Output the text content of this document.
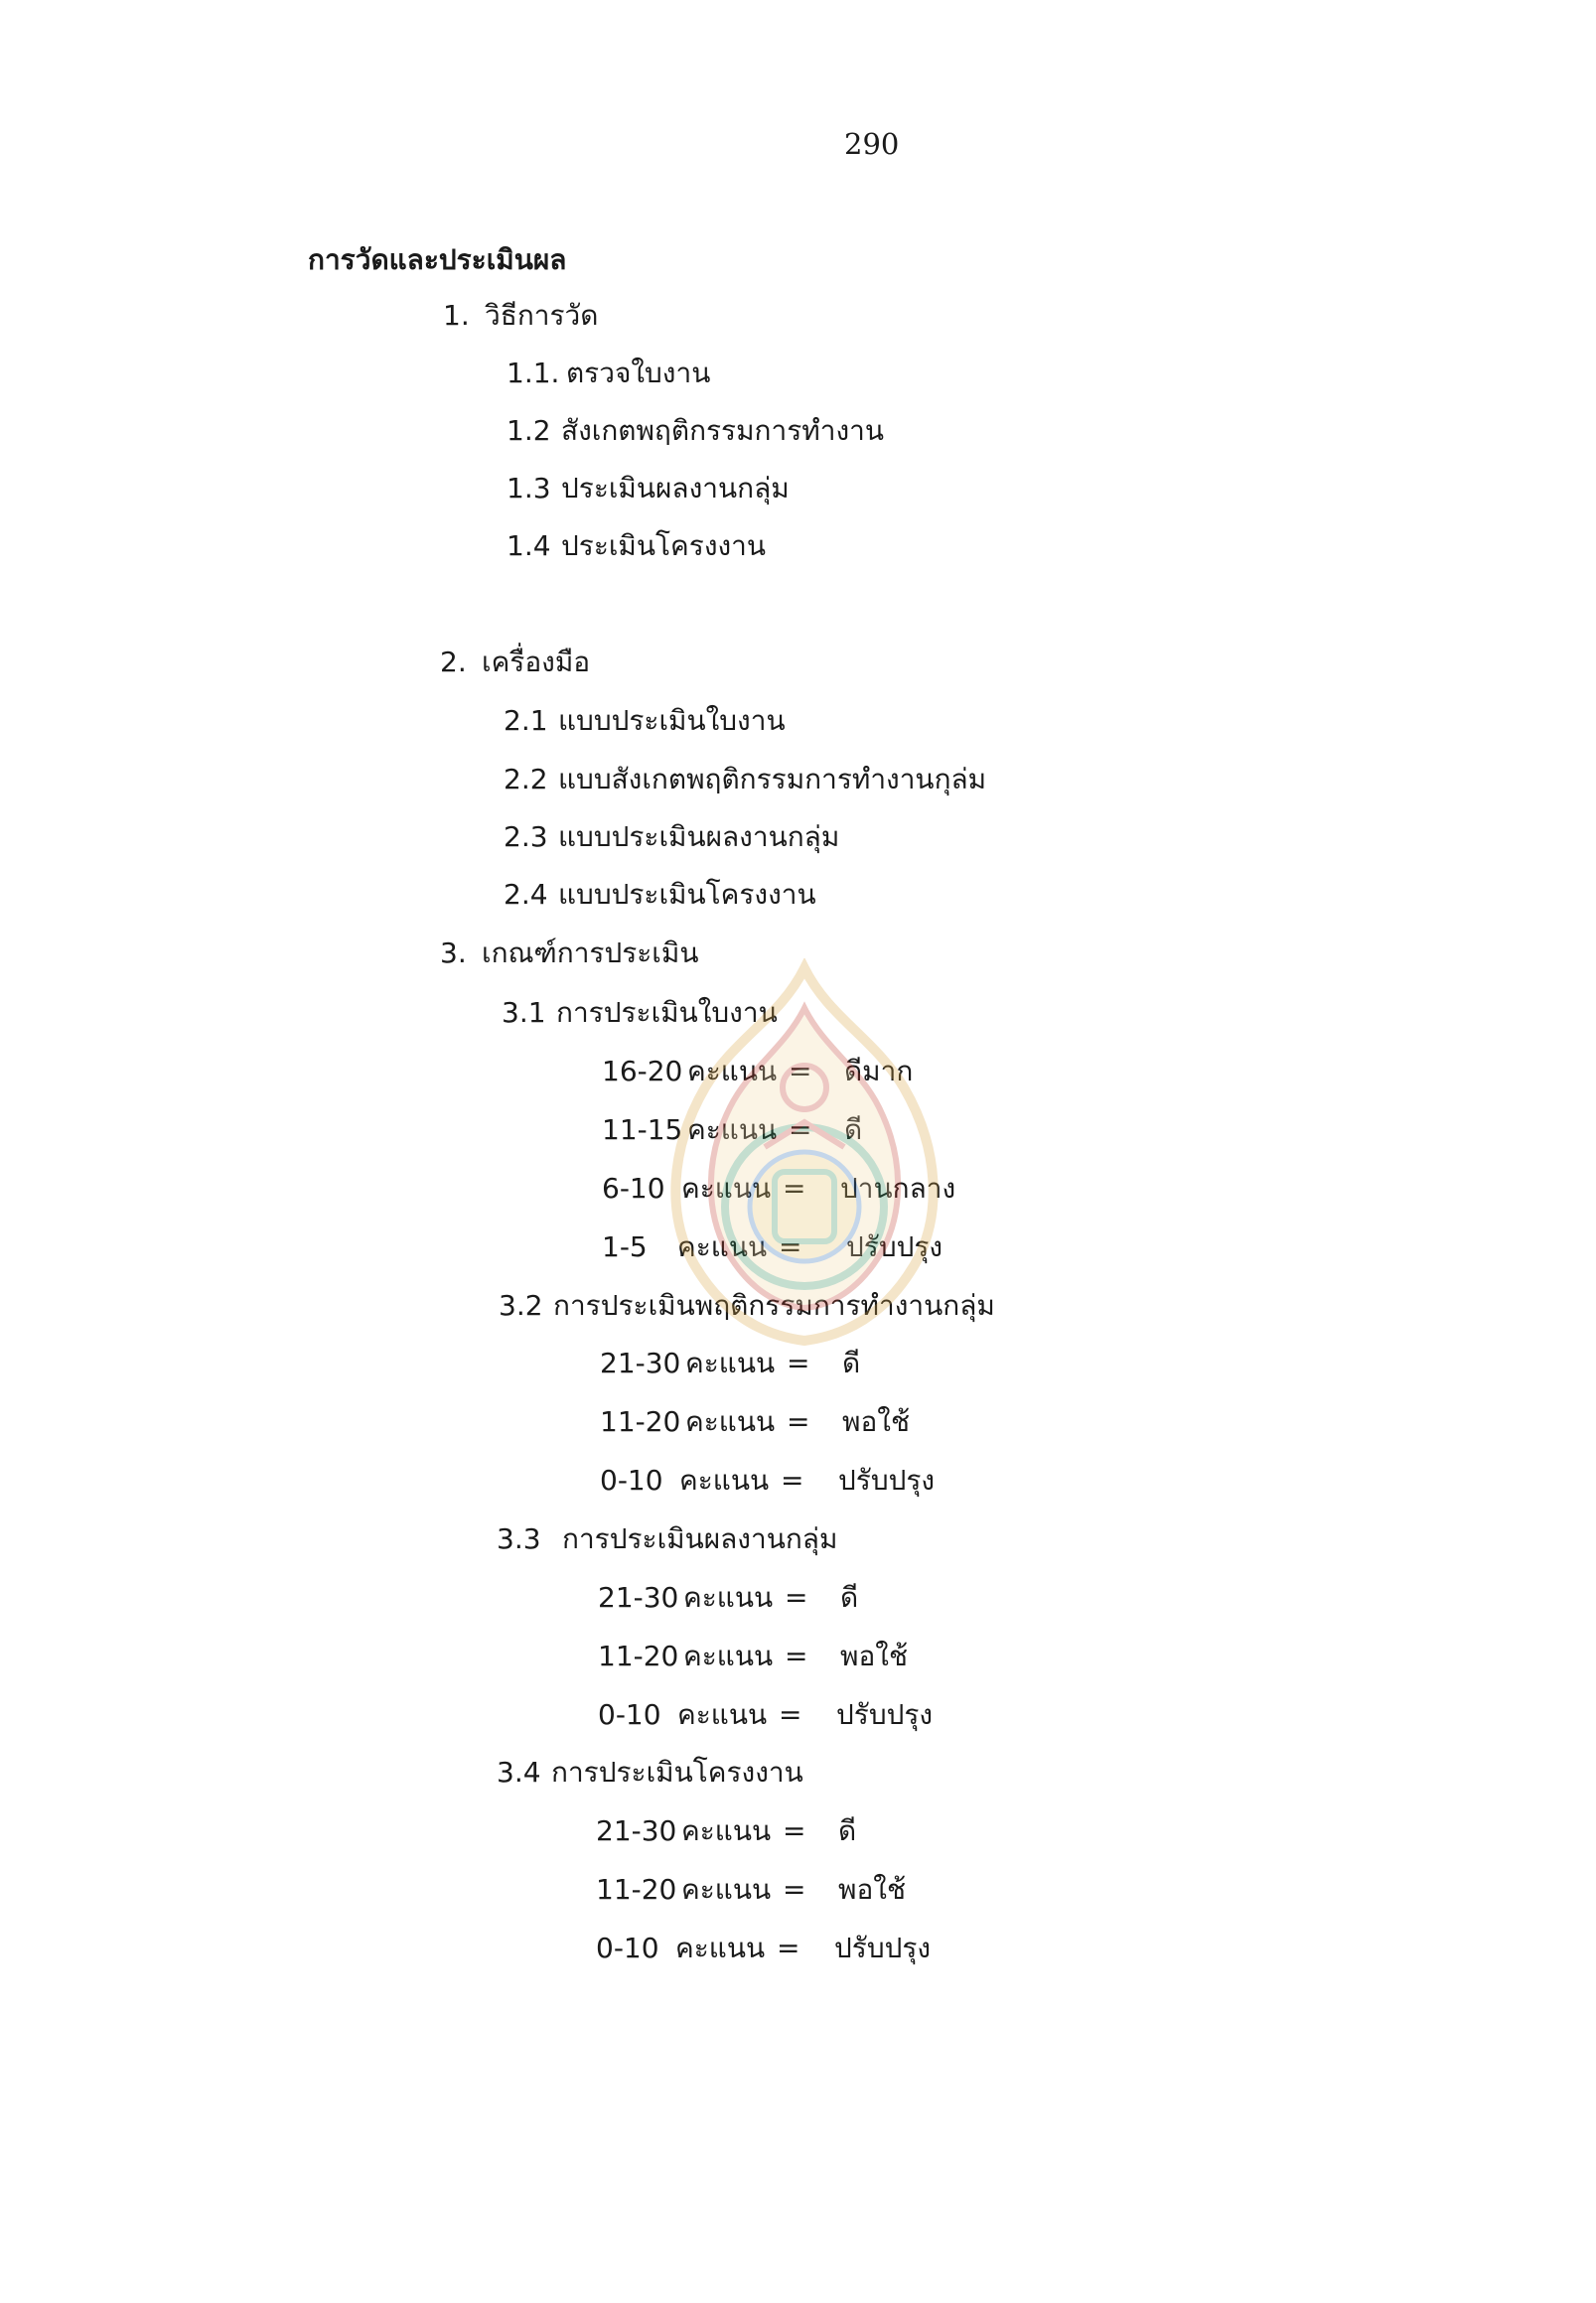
290
การวัดและประเมินผล
1. วิธีการวัด
1.1. ตรวจใบงาน
1.2 สังเกตพฤติกรรมการทำงาน
1.3 ประเมินผลงานกลุ่ม
1.4 ประเมินโครงงาน
2. เครื่องมือ
2.1 แบบประเมินใบงาน
2.2 แบบสังเกตพฤติกรรมการทำงานกุล่ม
2.3 แบบประเมินผลงานกลุ่ม
2.4 แบบประเมินโครงงาน
3. เกณฑ์การประเมิน
3.1 การประเมินใบงาน
16-20 คะแนน = ดีมาก
11-15 คะแนน = ดี
6-10 คะแนน = ปานกลาง
1-5 คะแนน = ปรับปรุง
3.2 การประเมินพฤติกรรมการทำงานกลุ่ม
21-30 คะแนน = ดี
11-20 คะแนน = พอใช้
0-10 คะแนน = ปรับปรุง
3.3 การประเมินผลงานกลุ่ม
21-30 คะแนน = ดี
11-20 คะแนน = พอใช้
0-10 คะแนน = ปรับปรุง
3.4 การประเมินโครงงาน
21-30 คะแนน = ดี
11-20 คะแนน = พอใช้
0-10 คะแนน = ปรับปรุง
